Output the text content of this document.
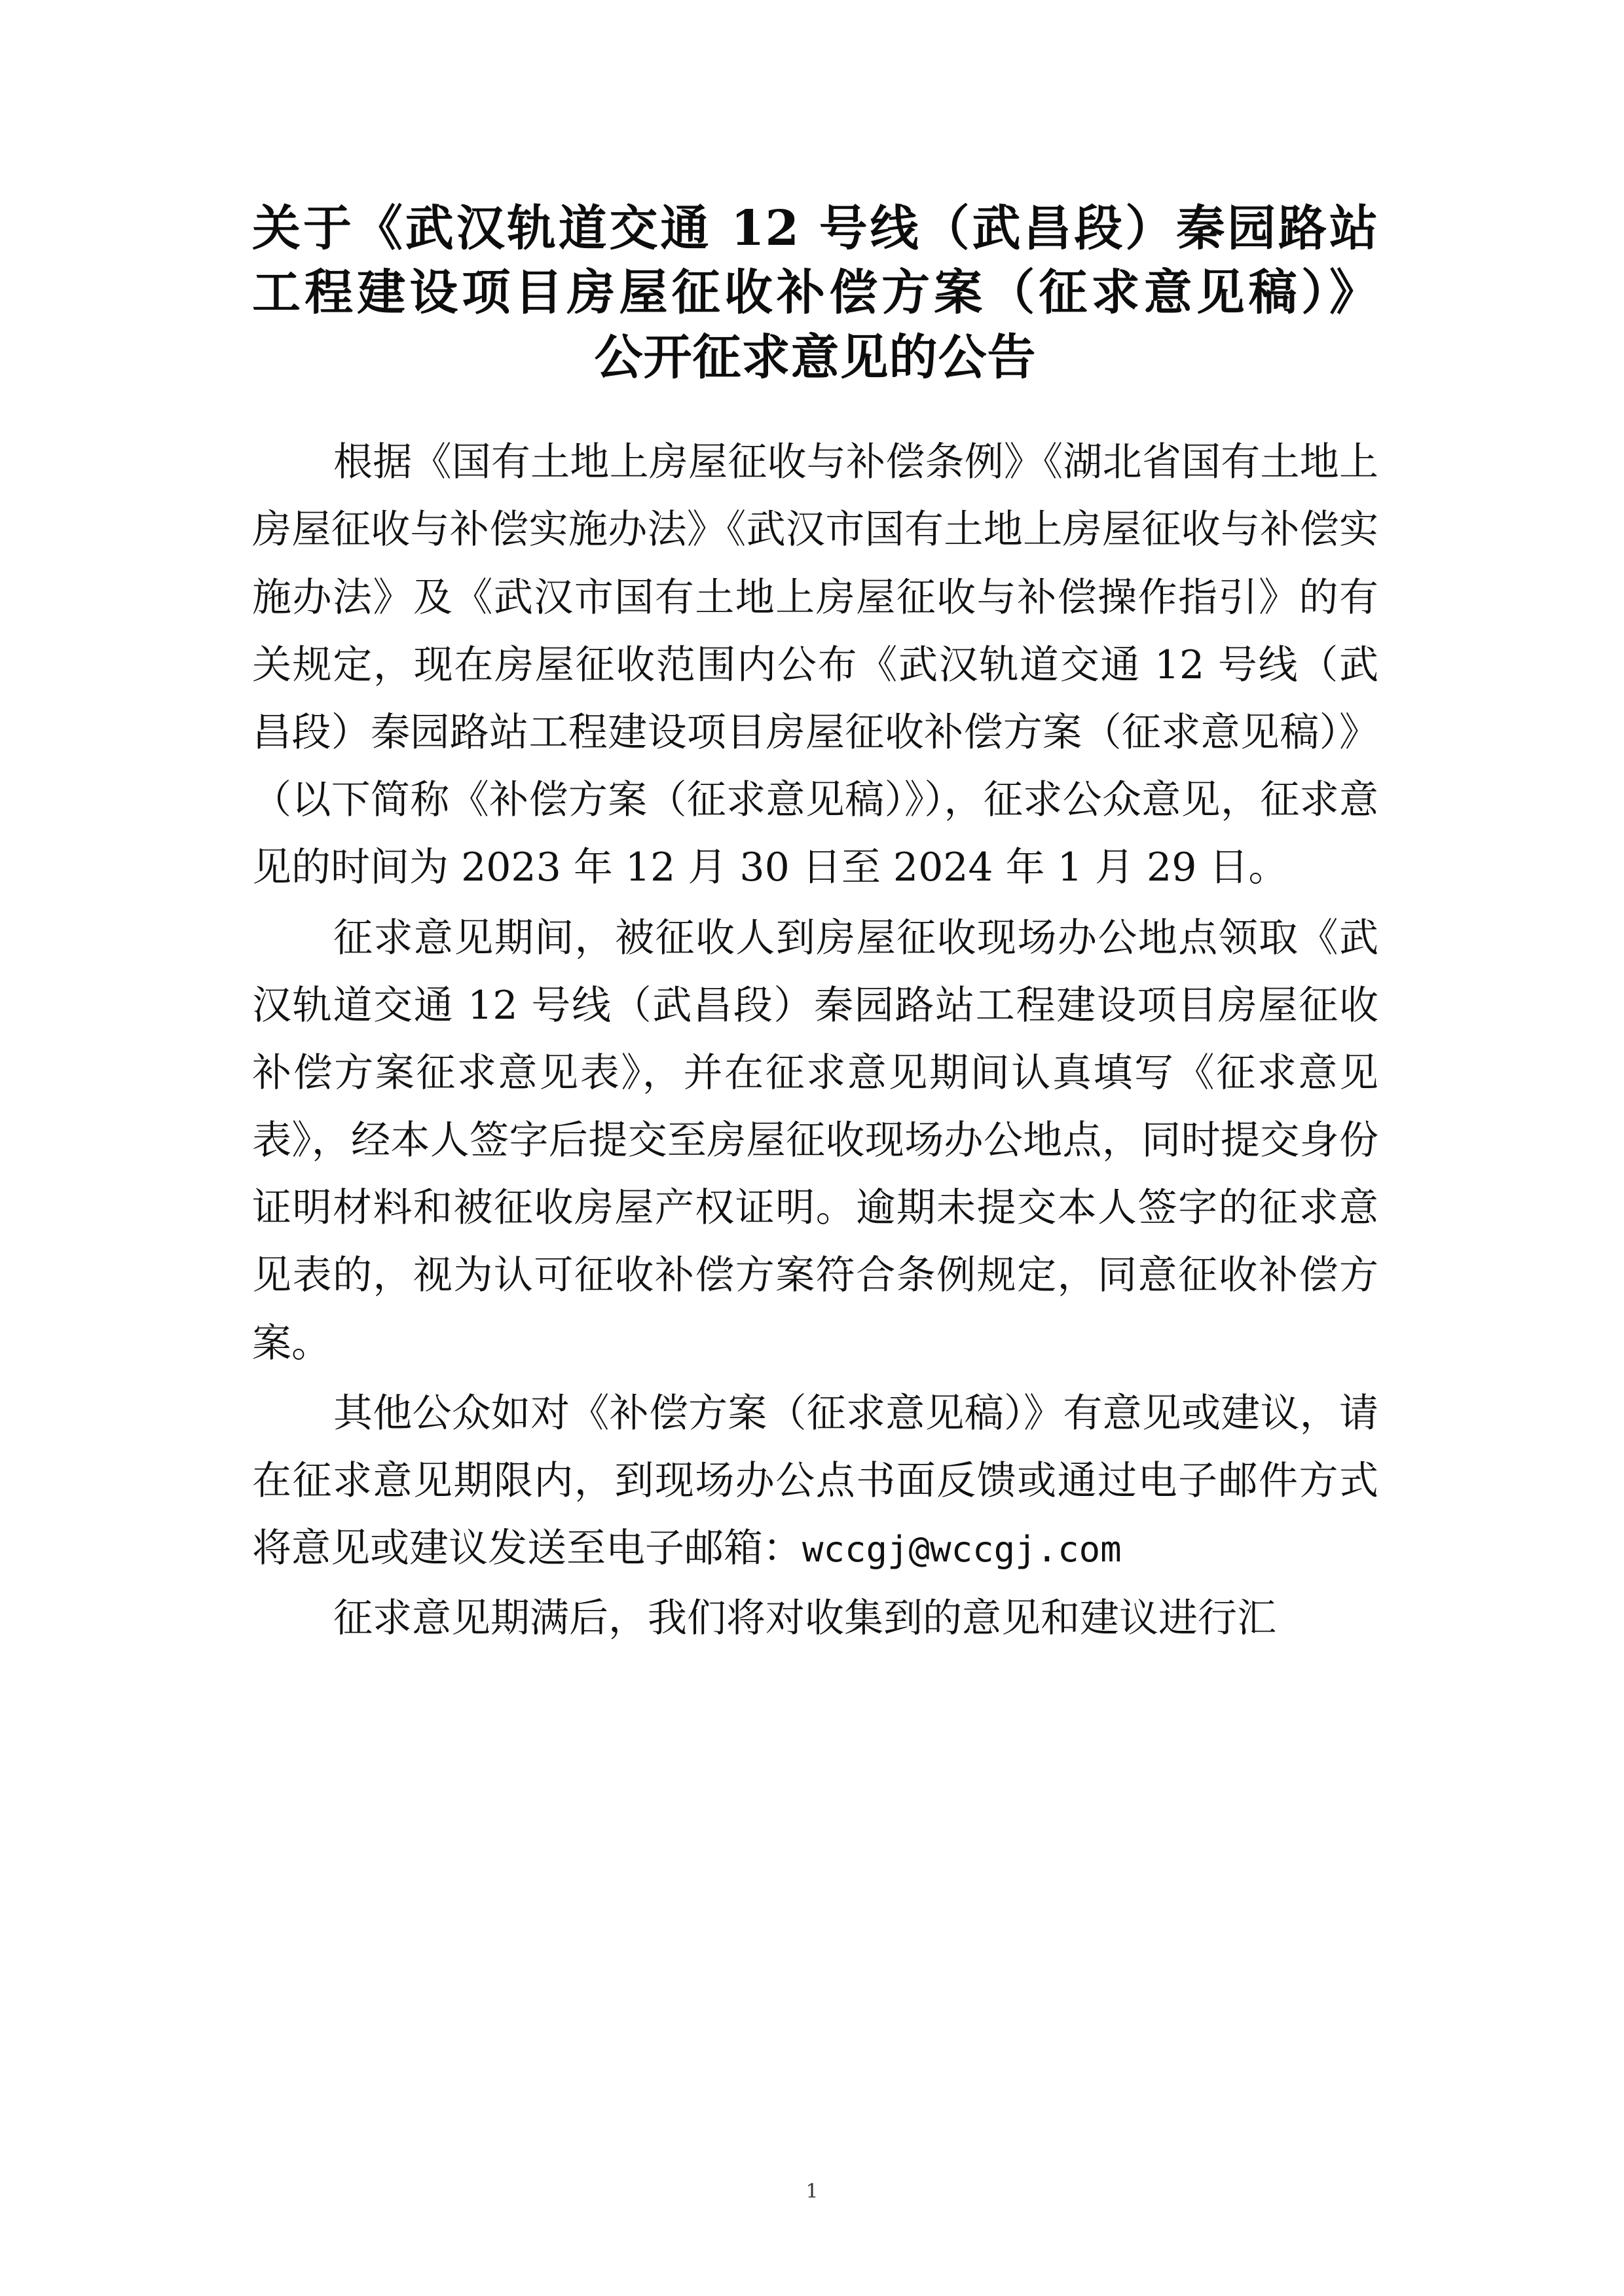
关于《武汉轨道交通 12 号线（武昌段）秦园路站
工程建设项目房屋征收补偿方案（征求意见稿）》
公开征求意见的公告

根据《国有土地上房屋征收与补偿条例》《湖北省国有土地上房屋征收与补偿实施办法》《武汉市国有土地上房屋征收与补偿实施办法》及《武汉市国有土地上房屋征收与补偿操作指引》的有关规定，现在房屋征收范围内公布《武汉轨道交通 12 号线（武昌段）秦园路站工程建设项目房屋征收补偿方案（征求意见稿）》（以下简称《补偿方案（征求意见稿）》），征求公众意见，征求意见的时间为 2023 年 12 月 30 日至 2024 年 1 月 29 日。

征求意见期间，被征收人到房屋征收现场办公地点领取《武汉轨道交通 12 号线（武昌段）秦园路站工程建设项目房屋征收补偿方案征求意见表》，并在征求意见期间认真填写《征求意见表》，经本人签字后提交至房屋征收现场办公地点，同时提交身份证明材料和被征收房屋产权证明。逾期未提交本人签字的征求意见表的，视为认可征收补偿方案符合条例规定，同意征收补偿方案。

其他公众如对《补偿方案（征求意见稿）》有意见或建议，请在征求意见期限内，到现场办公点书面反馈或通过电子邮件方式将意见或建议发送至电子邮箱：wccgj@wccgj.com

征求意见期满后，我们将对收集到的意见和建议进行汇

1
